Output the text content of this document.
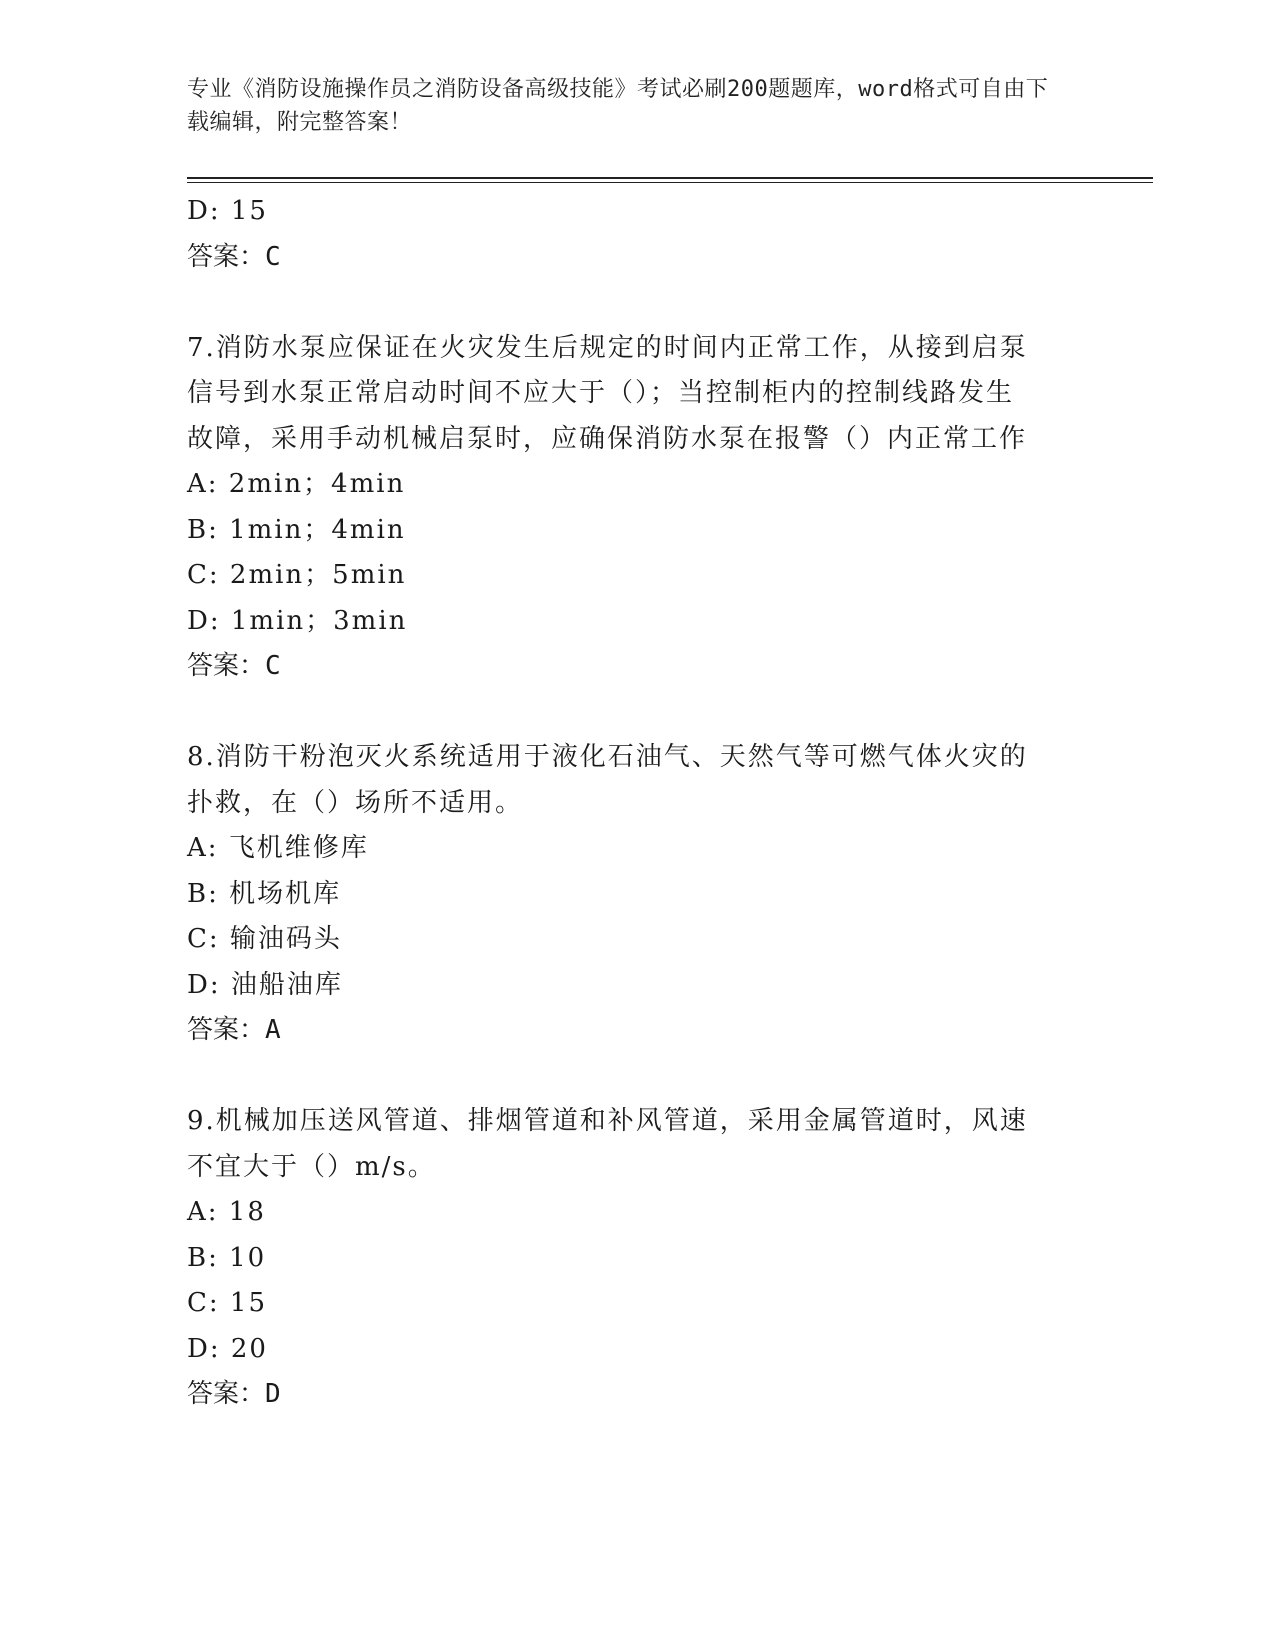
专业《消防设施操作员之消防设备高级技能》考试必刷200题题库，word格式可自由下载编辑，附完整答案！
D: 15
答案：C
7.消防水泵应保证在火灾发生后规定的时间内正常工作，从接到启泵
信号到水泵正常启动时间不应大于（）；当控制柜内的控制线路发生
故障，采用手动机械启泵时，应确保消防水泵在报警（）内正常工作
A: 2min；4min
B: 1min；4min
C: 2min；5min
D: 1min；3min
答案：C
8.消防干粉泡灭火系统适用于液化石油气、天然气等可燃气体火灾的
扑救，在（）场所不适用。
A: 飞机维修库
B: 机场机库
C: 输油码头
D: 油船油库
答案：A
9.机械加压送风管道、排烟管道和补风管道，采用金属管道时，风速
不宜大于（）m/s。
A: 18
B: 10
C: 15
D: 20
答案：D
